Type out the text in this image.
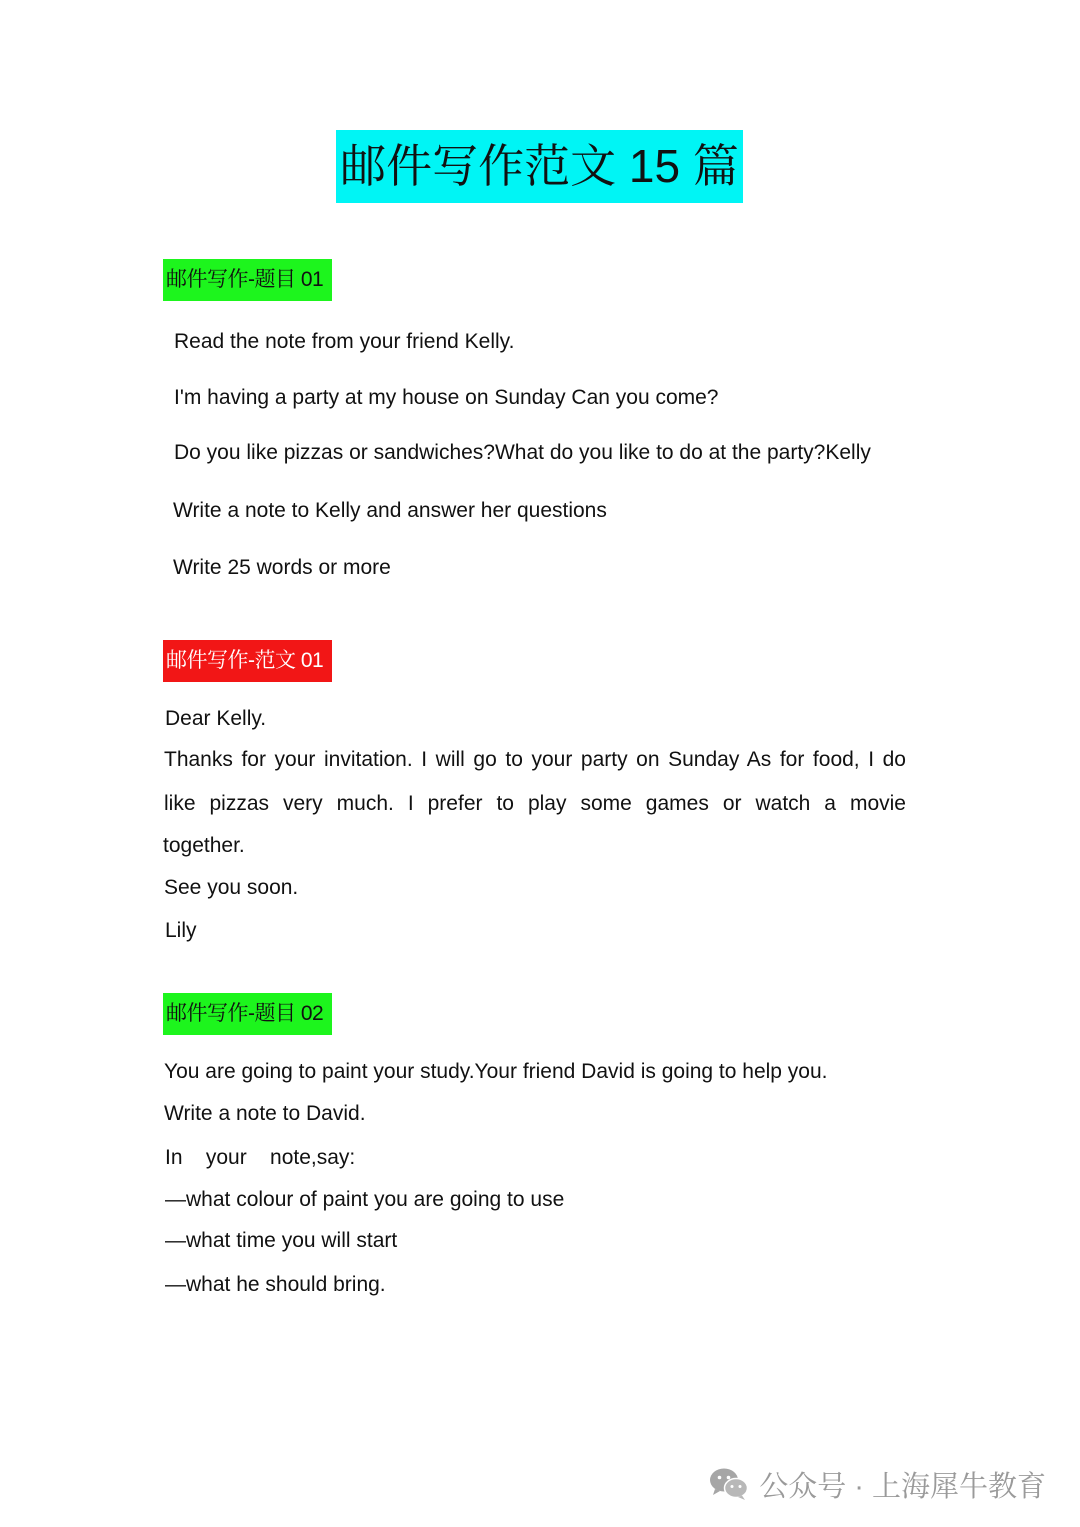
邮件写作范文 15 篇
邮件写作-题目 01
Read the note from your friend Kelly.
I'm having a party at my house on Sunday Can you come?
Do you like pizzas or sandwiches?What do you like to do at the party?Kelly
Write a note to Kelly and answer her questions
Write 25 words or more
邮件写作-范文 01
Dear Kelly.
Thanks for your invitation. I will go to your party on Sunday As for food, I do
like pizzas very much. I prefer to play some games or watch a movie
together.
See you soon.
Lily
邮件写作-题目 02
You are going to paint your study.Your friend David is going to help you.
Write a note to David.
In    your    note,say:
—what colour of paint you are going to use
—what time you will start
—what he should bring.
公众号 · 上海犀牛教育
